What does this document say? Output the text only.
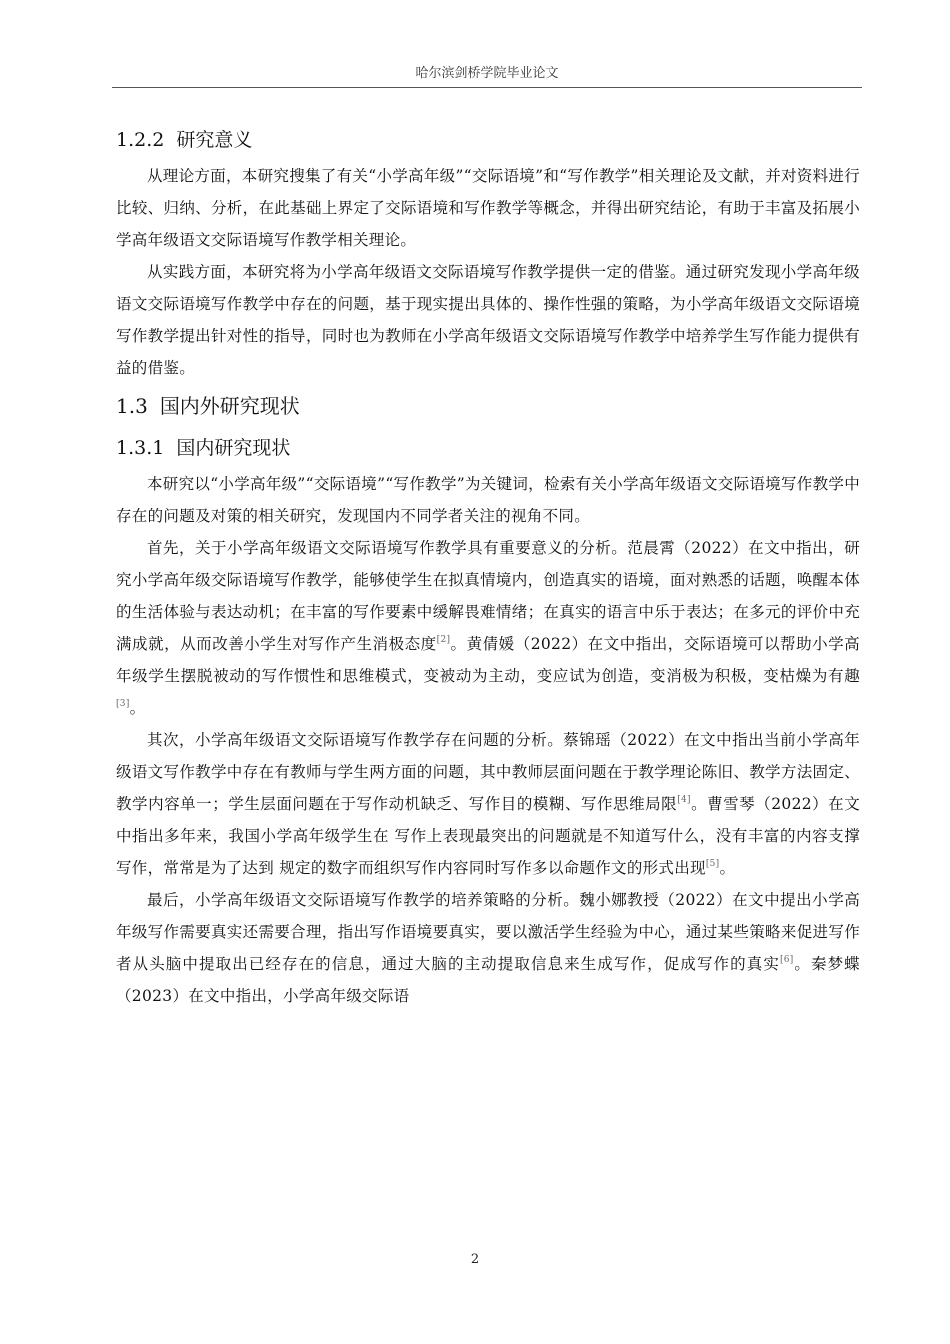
哈尔滨剑桥学院毕业论文
1.2.2 研究意义

从理论方面，本研究搜集了有关“小学高年级”“交际语境”和“写作教学”相关理论及文献，并对资料进行比较、归纳、分析，在此基础上界定了交际语境和写作教学等概念，并得出研究结论，有助于丰富及拓展小学高年级语文交际语境写作教学相关理论。

从实践方面，本研究将为小学高年级语文交际语境写作教学提供一定的借鉴。通过研究发现小学高年级语文交际语境写作教学中存在的问题，基于现实提出具体的、操作性强的策略，为小学高年级语文交际语境写作教学提出针对性的指导，同时也为教师在小学高年级语文交际语境写作教学中培养学生写作能力提供有益的借鉴。

1.3 国内外研究现状
1.3.1 国内研究现状

本研究以“小学高年级”“交际语境”“写作教学”为关键词，检索有关小学高年级语文交际语境写作教学中存在的问题及对策的相关研究，发现国内不同学者关注的视角不同。

首先，关于小学高年级语文交际语境写作教学具有重要意义的分析。范晨霄（2022）在文中指出，研究小学高年级交际语境写作教学，能够使学生在拟真情境内，创造真实的语境，面对熟悉的话题，唤醒本体的生活体验与表达动机；在丰富的写作要素中缓解畏难情绪；在真实的语言中乐于表达；在多元的评价中充满成就，从而改善小学生对写作产生消极态度[2]。黄倩媛（2022）在文中指出，交际语境可以帮助小学高年级学生摆脱被动的写作惯性和思维模式，变被动为主动，变应试为创造，变消极为积极，变枯燥为有趣[3]。

其次，小学高年级语文交际语境写作教学存在问题的分析。蔡锦瑶（2022）在文中指出当前小学高年级语文写作教学中存在有教师与学生两方面的问题，其中教师层面问题在于教学理论陈旧、教学方法固定、教学内容单一；学生层面问题在于写作动机缺乏、写作目的模糊、写作思维局限[4]。曹雪琴（2022）在文中指出多年来，我国小学高年级学生在 写作上表现最突出的问题就是不知道写什么，没有丰富的内容支撑写作，常常是为了达到 规定的数字而组织写作内容同时写作多以命题作文的形式出现[5]。

最后，小学高年级语文交际语境写作教学的培养策略的分析。魏小娜教授（2022）在文中提出小学高年级写作需要真实还需要合理，指出写作语境要真实，要以激活学生经验为中心，通过某些策略来促进写作者从头脑中提取出已经存在的信息，通过大脑的主动提取信息来生成写作，促成写作的真实[6]。秦梦蝶（2023）在文中指出，小学高年级交际语

2
